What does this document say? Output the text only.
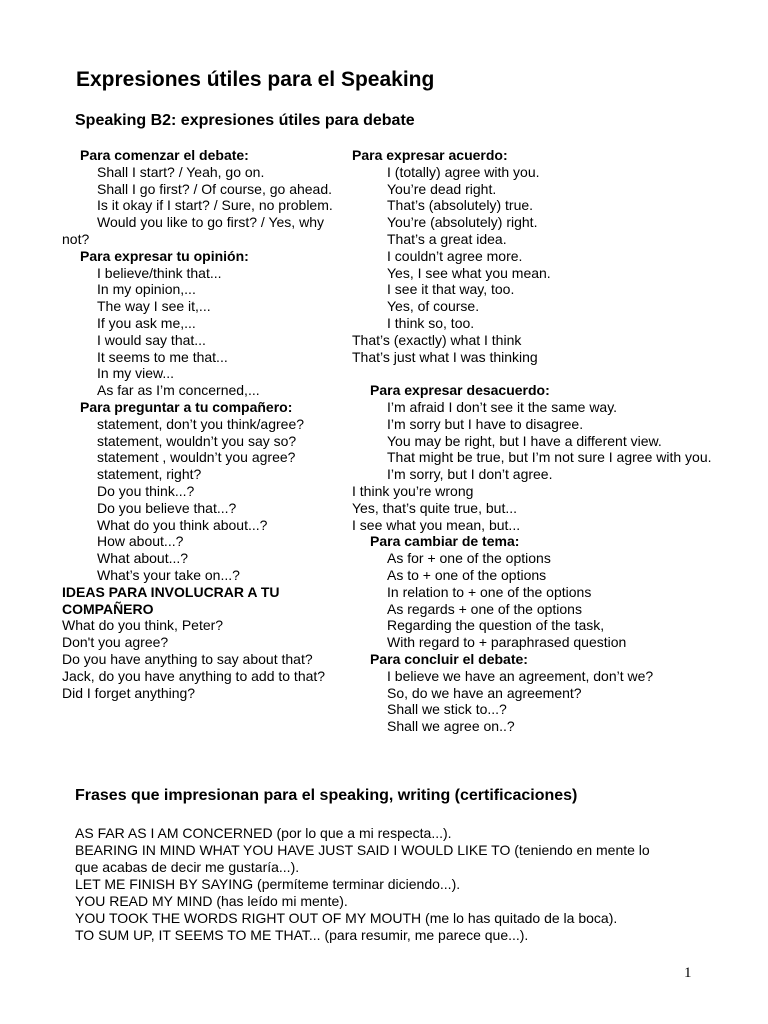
Expresiones útiles para el Speaking
Speaking B2: expresiones útiles para debate
Para comenzar el debate:
Shall I start? / Yeah, go on.
Shall I go first? / Of course, go ahead.
Is it okay if I start? / Sure, no problem.
Would you like to go first? / Yes, why not?
Para expresar tu opinión:
I believe/think that...
In my opinion,...
The way I see it,...
If you ask me,...
I would say that...
It seems to me that...
In my view...
As far as I’m concerned,...
Para preguntar a tu compañero:
statement, don’t you think/agree?
statement, wouldn’t you say so?
statement , wouldn’t you agree?
statement, right?
Do you think...?
Do you believe that...?
What do you think about...?
How about...?
What about...?
What’s your take on...?
IDEAS PARA INVOLUCRAR A TU COMPAÑERO
What do you think, Peter?
Don't you agree?
Do you have anything to say about that?
Jack, do you have anything to add to that?
Did I forget anything?
Para expresar acuerdo:
I (totally) agree with you.
You’re dead right.
That’s (absolutely) true.
You’re (absolutely) right.
That’s a great idea.
I couldn’t agree more.
Yes, I see what you mean.
I see it that way, too.
Yes, of course.
I think so, too.
That’s (exactly) what I think
That’s just what I was thinking
Para expresar desacuerdo:
I’m afraid I don’t see it the same way.
I’m sorry but I have to disagree.
You may be right, but I have a different view.
That might be true, but I’m not sure I agree with you.
I’m sorry, but I don’t agree.
I think you’re wrong
Yes, that’s quite true, but...
I see what you mean, but...
Para cambiar de tema:
As for + one of the options
As to + one of the options
In relation to + one of the options
As regards + one of the options
Regarding the question of the task,
With regard to + paraphrased question
Para concluir el debate:
I believe we have an agreement, don’t we?
So, do we have an agreement?
Shall we stick to...?
Shall we agree on..?
Frases que impresionan para el speaking, writing (certificaciones)
AS FAR AS I AM CONCERNED (por lo que a mi respecta...).
BEARING IN MIND WHAT YOU HAVE JUST SAID I WOULD LIKE TO (teniendo en mente lo que acabas de decir me gustaría...).
LET ME FINISH BY SAYING (permíteme terminar diciendo...).
YOU READ MY MIND (has leído mi mente).
YOU TOOK THE WORDS RIGHT OUT OF MY MOUTH (me lo has quitado de la boca).
TO SUM UP, IT SEEMS TO ME THAT... (para resumir, me parece que...).
1
